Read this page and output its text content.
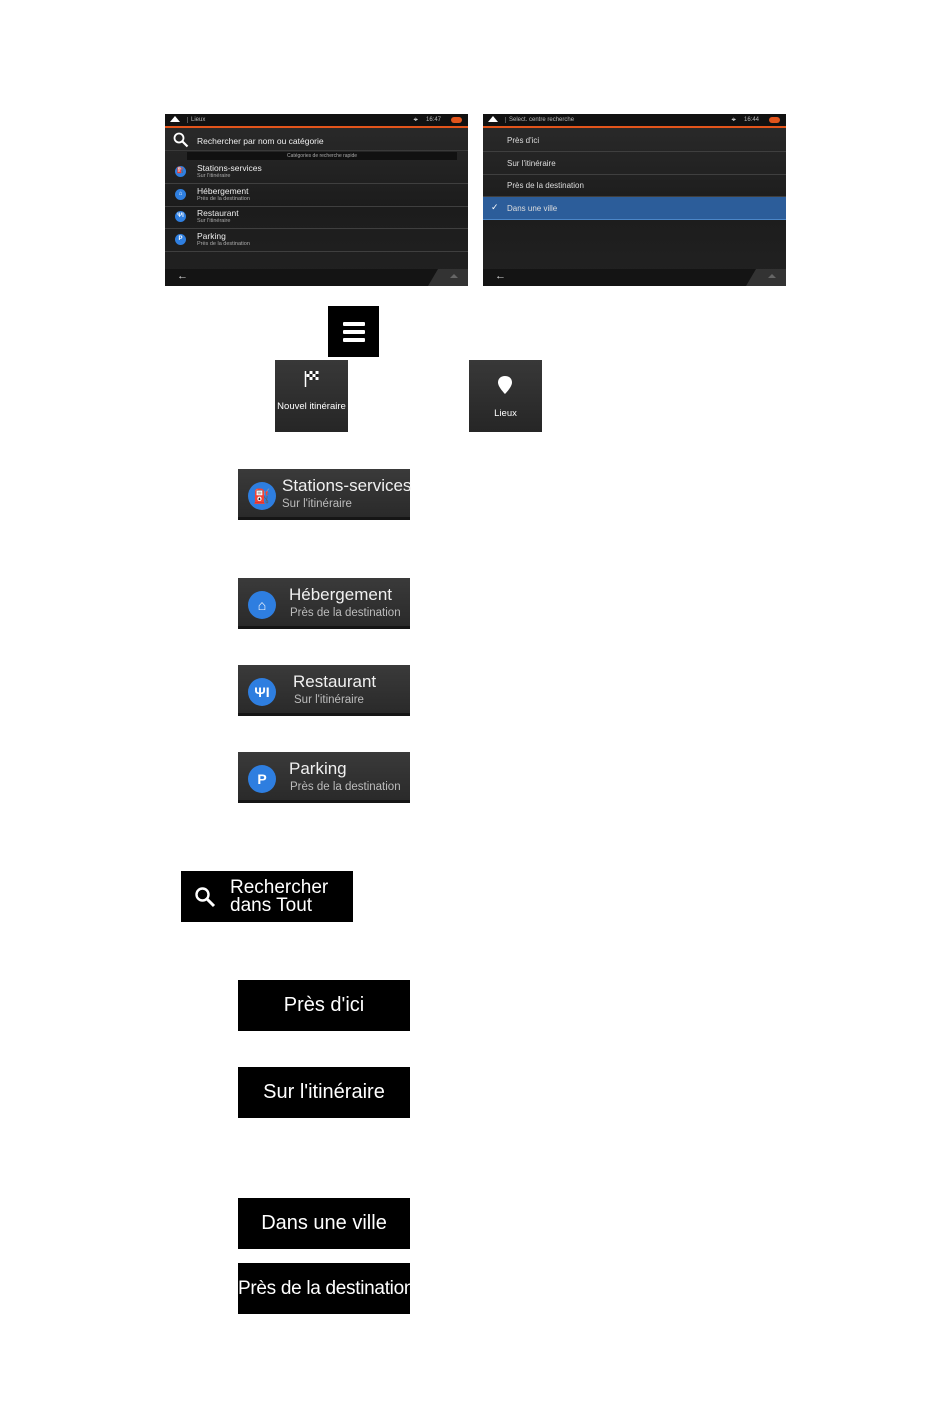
Lieux	⌖ 16:47
Rechercher par nom ou catégorie
Catégories de recherche rapide
⛽ Stations-services
Sur l'itinéraire
⌂	Hébergement
Près de la destination
ΨΙ Restaurant
Sur l'itinéraire
P	Parking
Près de la destination
←
Select. centre recherche	⌖ 16:44
Près d'ici
Sur l'itinéraire
Près de la destination
✓ Dans une ville
←
Nouvel itinéraire
Lieux
⛽
Stations-services
Sur l'itinéraire
⌂
Hébergement
Près de la destination
ΨΙ
Restaurant
Sur l'itinéraire
P
Parking
Près de la destination
Rechercher
dans Tout
Près d'ici
Sur l'itinéraire
Dans une ville
Près de la destination
